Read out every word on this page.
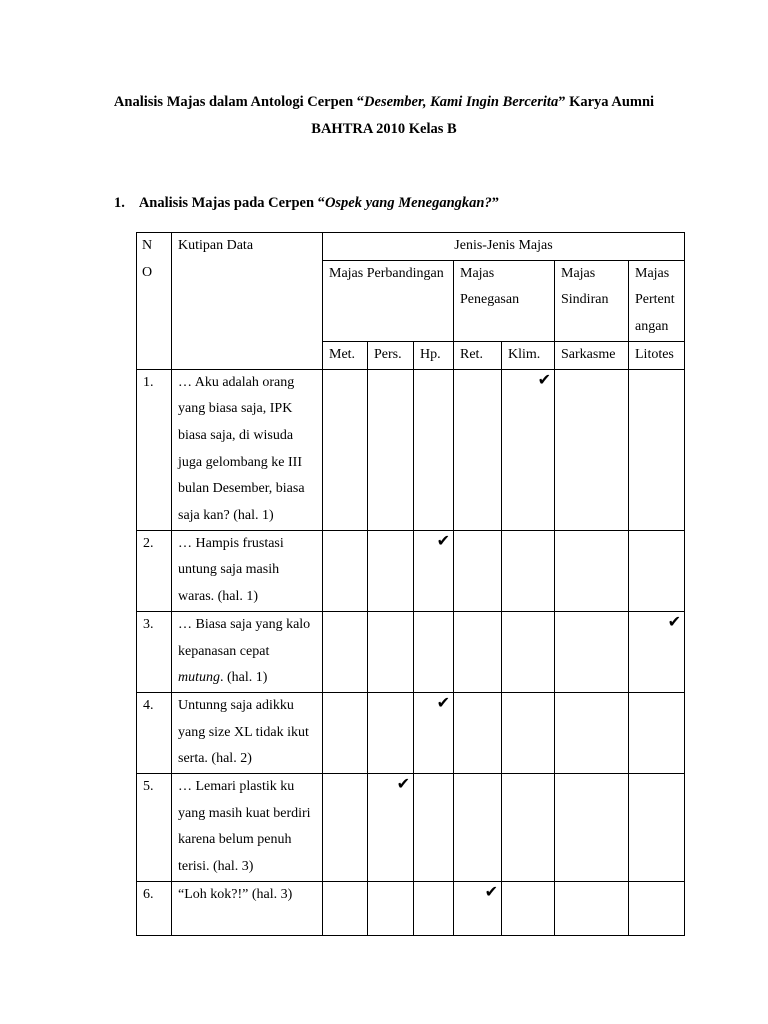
Analisis Majas dalam Antologi Cerpen “Desember, Kami Ingin Bercerita” Karya Aumni
BAHTRA 2010 Kelas B
1. Analisis Majas pada Cerpen “Ospek yang Menegangkan?”
N O	Kutipan Data	Jenis-Jenis Majas						
		Majas Perbandingan			Majas Penegasan		Majas Sindiran	Majas Pertent angan
		Met.	Pers.	Hp.	Ret.	Klim.	Sarkasme	Litotes
1.	… Aku adalah orang yang biasa saja, IPK biasa saja, di wisuda juga gelombang ke III bulan Desember, biasa saja kan? (hal. 1)					✔		

2.	… Hampis frustasi untung saja masih waras. (hal. 1)			✔				

3.	… Biasa saja yang kalo kepanasan cepat mutung. (hal. 1)							✔

4.	Untunng saja adikku yang size XL tidak ikut serta. (hal. 2)			✔				

5.	… Lemari plastik ku yang masih kuat berdiri karena belum penuh terisi. (hal. 3)		✔					

6.	“Loh kok?!” (hal. 3)				✔			
